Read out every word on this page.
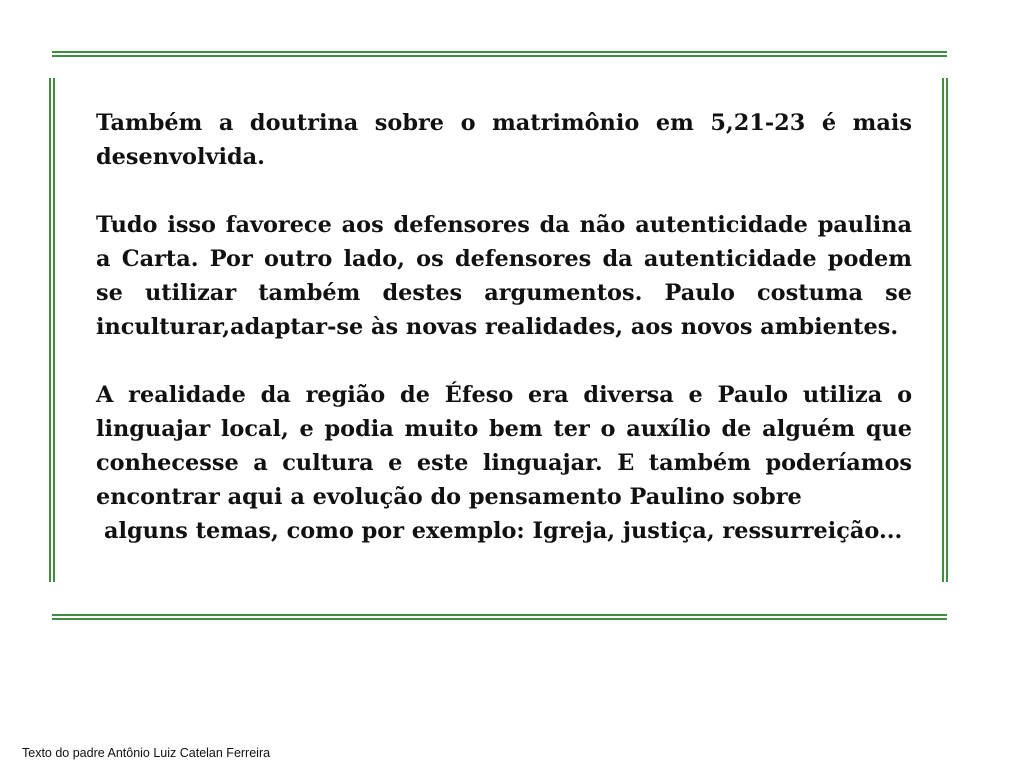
Também a doutrina sobre o matrimônio em 5,21-23 é mais desenvolvida.

Tudo isso favorece aos defensores da não autenticidade paulina a Carta. Por outro lado, os defensores da autenticidade podem se utilizar também destes argumentos. Paulo costuma se inculturar,adaptar-se às novas realidades, aos novos ambientes.

A realidade da região de Éfeso era diversa e Paulo utiliza o linguajar local, e podia muito bem ter o auxílio de alguém que conhecesse a cultura e este linguajar. E também poderíamos encontrar aqui a evolução do pensamento Paulino sobre
alguns temas, como por exemplo: Igreja, justiça, ressurreição...

Texto do padre Antônio Luiz Catelan Ferreira
